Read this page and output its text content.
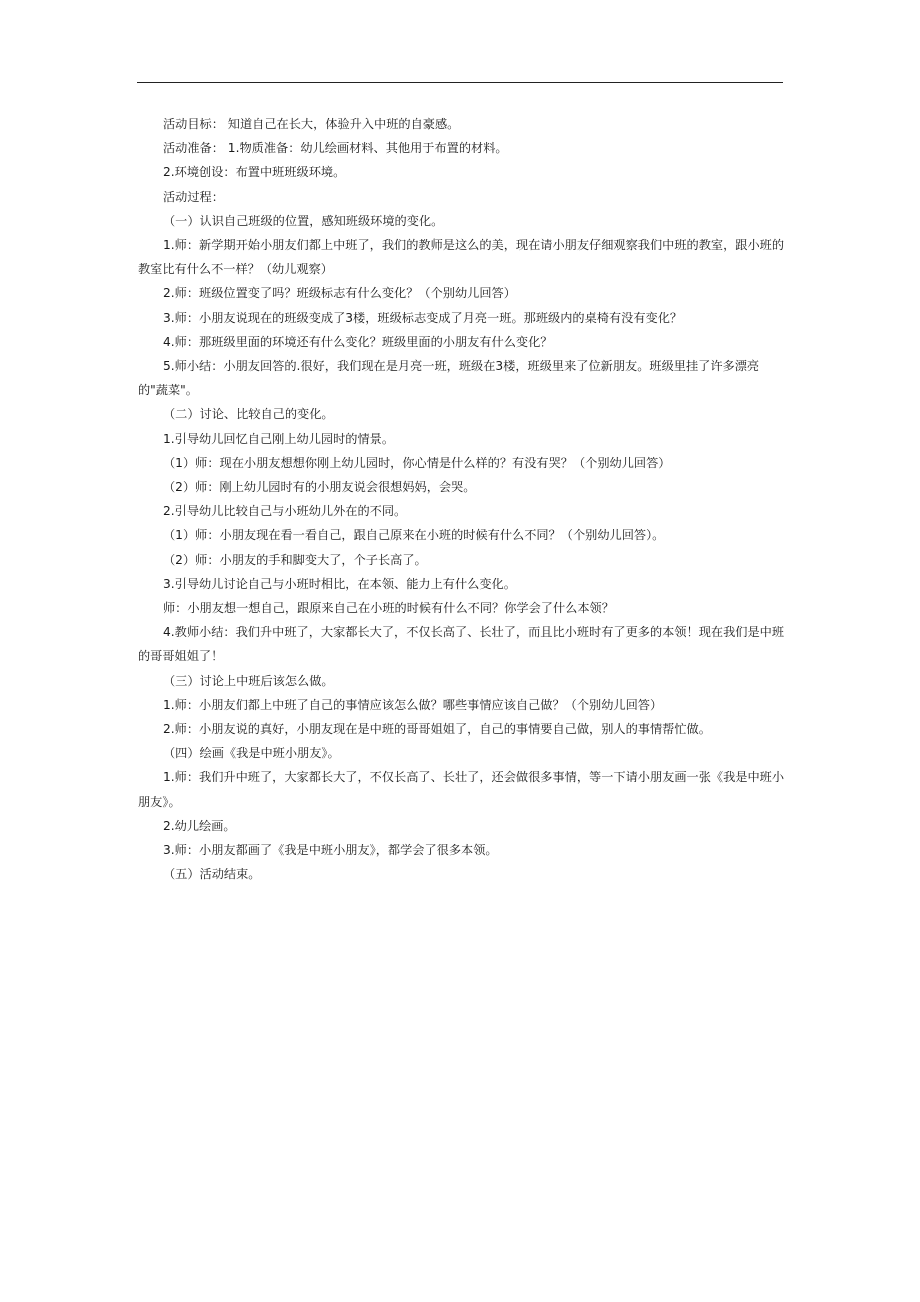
活动目标： 知道自己在长大，体验升入中班的自豪感。

活动准备： 1.物质准备：幼儿绘画材料、其他用于布置的材料。

2.环境创设：布置中班班级环境。

活动过程：

（一）认识自己班级的位置，感知班级环境的变化。

1.师：新学期开始小朋友们都上中班了，我们的教师是这么的美，现在请小朋友仔细观察我们中班的教室，跟小班的教室比有什么不一样？（幼儿观察）

2.师：班级位置变了吗？班级标志有什么变化？（个别幼儿回答）

3.师：小朋友说现在的班级变成了3楼，班级标志变成了月亮一班。那班级内的桌椅有没有变化？

4.师：那班级里面的环境还有什么变化？班级里面的小朋友有什么变化？

5.师小结：小朋友回答的.很好，我们现在是月亮一班，班级在3楼，班级里来了位新朋友。班级里挂了许多漂亮的"蔬菜"。

（二）讨论、比较自己的变化。

1.引导幼儿回忆自己刚上幼儿园时的情景。

（1）师：现在小朋友想想你刚上幼儿园时，你心情是什么样的？有没有哭？（个别幼儿回答）

（2）师：刚上幼儿园时有的小朋友说会很想妈妈，会哭。

2.引导幼儿比较自己与小班幼儿外在的不同。

（1）师：小朋友现在看一看自己，跟自己原来在小班的时候有什么不同？（个别幼儿回答）。

（2）师：小朋友的手和脚变大了，个子长高了。

3.引导幼儿讨论自己与小班时相比，在本领、能力上有什么变化。

师：小朋友想一想自己，跟原来自己在小班的时候有什么不同？你学会了什么本领？

4.教师小结：我们升中班了，大家都长大了，不仅长高了、长壮了，而且比小班时有了更多的本领！现在我们是中班的哥哥姐姐了！

（三）讨论上中班后该怎么做。

1.师：小朋友们都上中班了自己的事情应该怎么做？哪些事情应该自己做？（个别幼儿回答）

2.师：小朋友说的真好，小朋友现在是中班的哥哥姐姐了，自己的事情要自己做，别人的事情帮忙做。

（四）绘画《我是中班小朋友》。

1.师：我们升中班了，大家都长大了，不仅长高了、长壮了，还会做很多事情，等一下请小朋友画一张《我是中班小朋友》。

2.幼儿绘画。

3.师：小朋友都画了《我是中班小朋友》，都学会了很多本领。

（五）活动结束。
